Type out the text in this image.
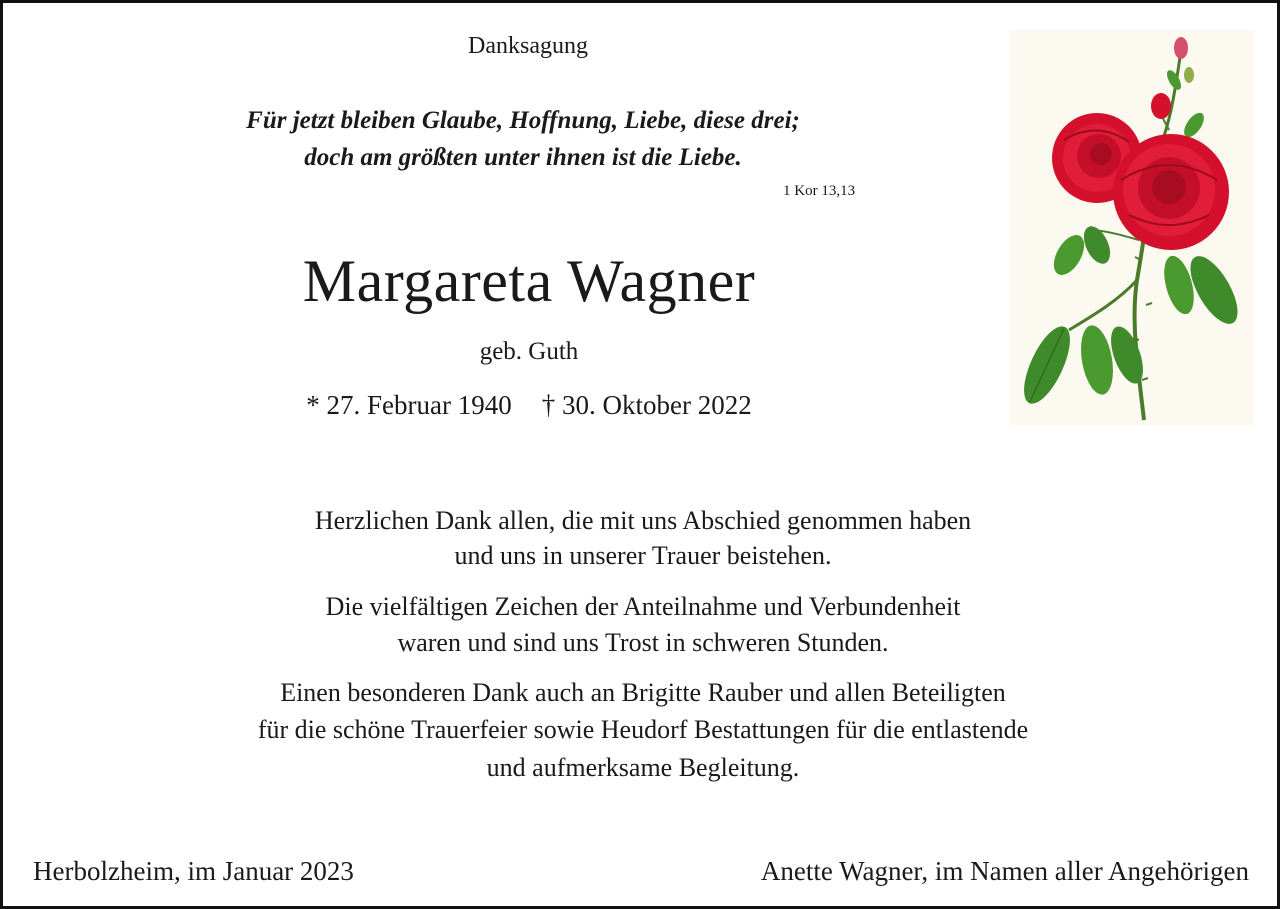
Danksagung
Für jetzt bleiben Glaube, Hoffnung, Liebe, diese drei;
doch am größten unter ihnen ist die Liebe.
1 Kor 13,13
Margareta Wagner
geb. Guth
* 27. Februar 1940 † 30. Oktober 2022
Herzlichen Dank allen, die mit uns Abschied genommen haben
und uns in unserer Trauer beistehen.
Die vielfältigen Zeichen der Anteilnahme und Verbundenheit
waren und sind uns Trost in schweren Stunden.
Einen besonderen Dank auch an Brigitte Rauber und allen Beteiligten
für die schöne Trauerfeier sowie Heudorf Bestattungen für die entlastende
und aufmerksame Begleitung.
Herbolzheim, im Januar 2023	Anette Wagner, im Namen aller Angehörigen
